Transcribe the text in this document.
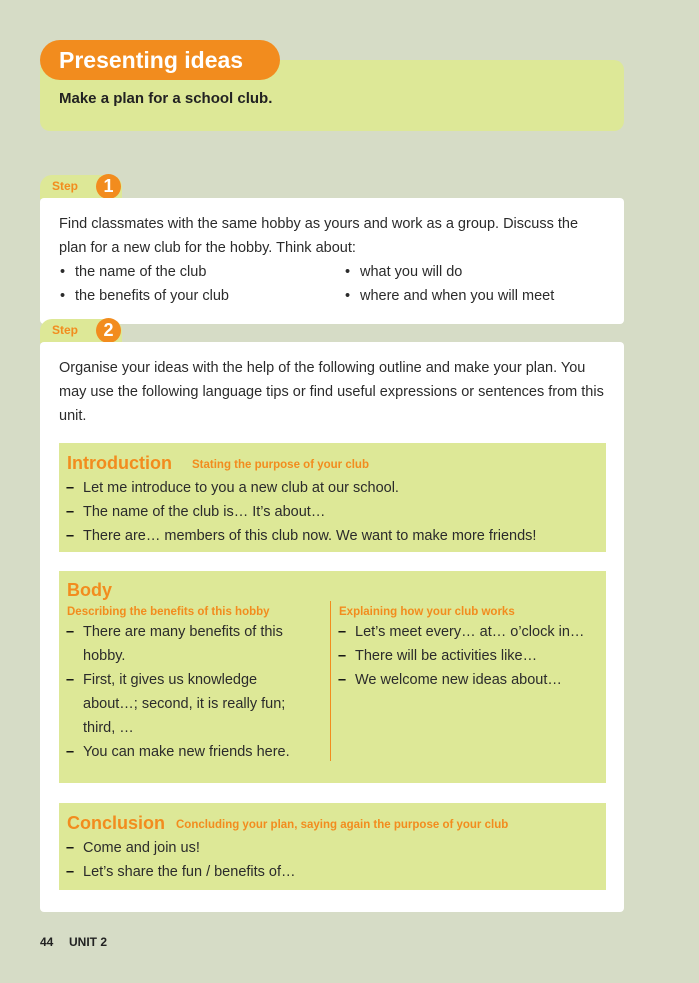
Presenting ideas
Make a plan for a school club.
Step	1
Find classmates with the same hobby as yours and work as a group. Discuss the plan for a new club for the hobby. Think about:
• the name of the club
• the benefits of your club
• what you will do
• where and when you will meet
Step	2
Organise your ideas with the help of the following outline and make your plan. You may use the following language tips or find useful expressions or sentences from this unit.
Introduction Stating the purpose of your club
– Let me introduce to you a new club at our school.
– The name of the club is… It’s about…
– There are… members of this club now. We want to make more friends!
Body
Describing the benefits of this hobby
– There are many benefits of this hobby.
– First, it gives us knowledge about…; second, it is really fun; third, …
– You can make new friends here.
Explaining how your club works
– Let’s meet every… at… o’clock in…
– There will be activities like…
– We welcome new ideas about…
Conclusion Concluding your plan, saying again the purpose of your club
– Come and join us!
– Let’s share the fun / benefits of…
44 UNIT 2
